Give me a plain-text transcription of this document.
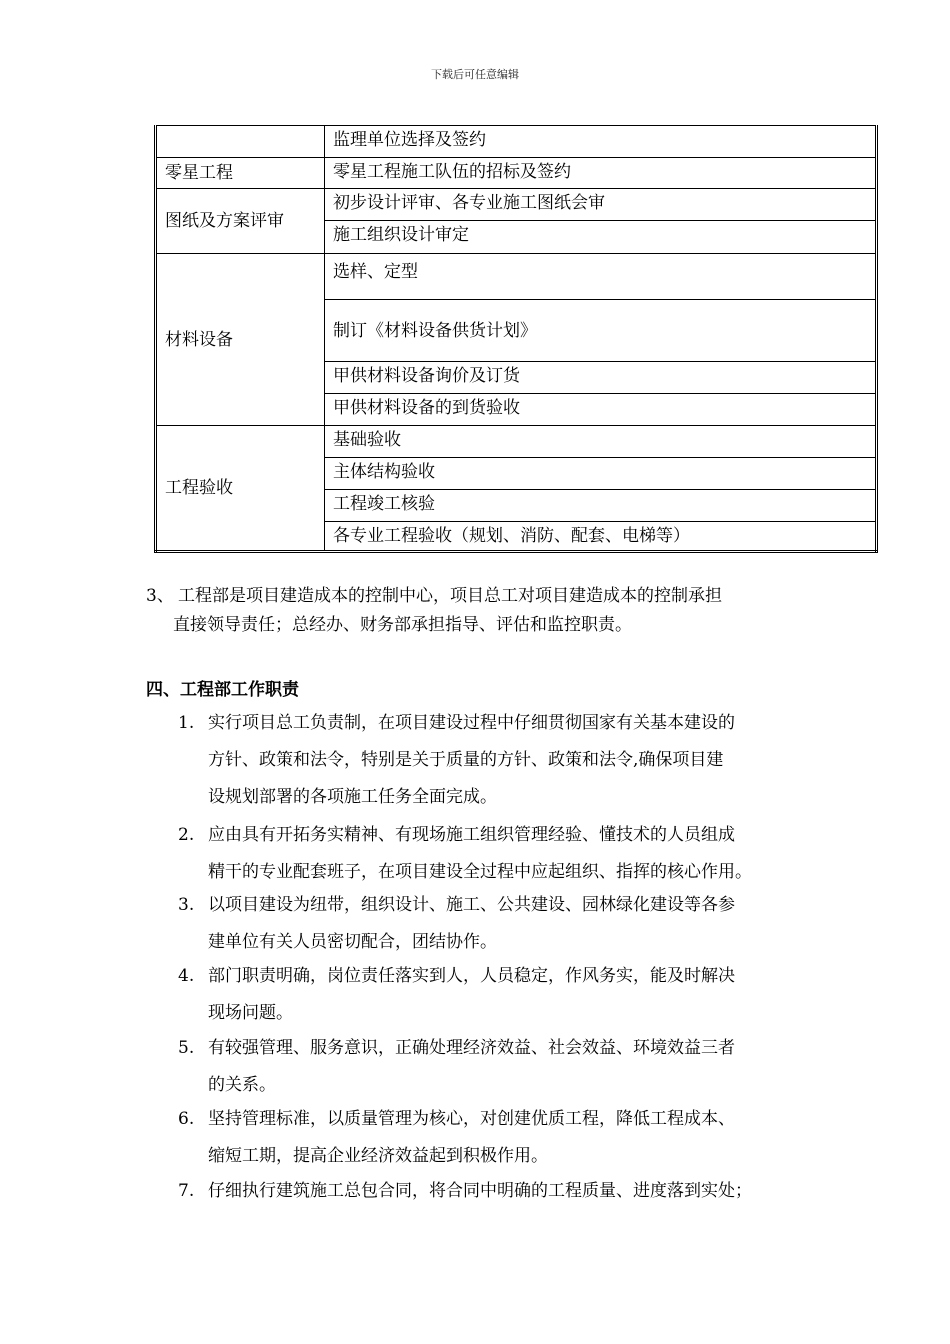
下载后可任意编辑
	监理单位选择及签约
零星工程	零星工程施工队伍的招标及签约
图纸及方案评审	初步设计评审、各专业施工图纸会审
	施工组织设计审定
材料设备	选样、定型
	制订《材料设备供货计划》
	甲供材料设备询价及订货
	甲供材料设备的到货验收
工程验收	基础验收
	主体结构验收
	工程竣工核验
	各专业工程验收（规划、消防、配套、电梯等）
3、 工程部是项目建造成本的控制中心，项目总工对项目建造成本的控制承担
直接领导责任；总经办、财务部承担指导、评估和监控职责。
四、工程部工作职责
1. 实行项目总工负责制，在项目建设过程中仔细贯彻国家有关基本建设的
方针、政策和法令，特别是关于质量的方针、政策和法令,确保项目建
设规划部署的各项施工任务全面完成。
2. 应由具有开拓务实精神、有现场施工组织管理经验、懂技术的人员组成
精干的专业配套班子，在项目建设全过程中应起组织、指挥的核心作用。
3. 以项目建设为纽带，组织设计、施工、公共建设、园林绿化建设等各参
建单位有关人员密切配合，团结协作。
4. 部门职责明确，岗位责任落实到人，人员稳定，作风务实，能及时解决
现场问题。
5. 有较强管理、服务意识，正确处理经济效益、社会效益、环境效益三者
的关系。
6. 坚持管理标准，以质量管理为核心，对创建优质工程，降低工程成本、
缩短工期，提高企业经济效益起到积极作用。
7. 仔细执行建筑施工总包合同，将合同中明确的工程质量、进度落到实处；
